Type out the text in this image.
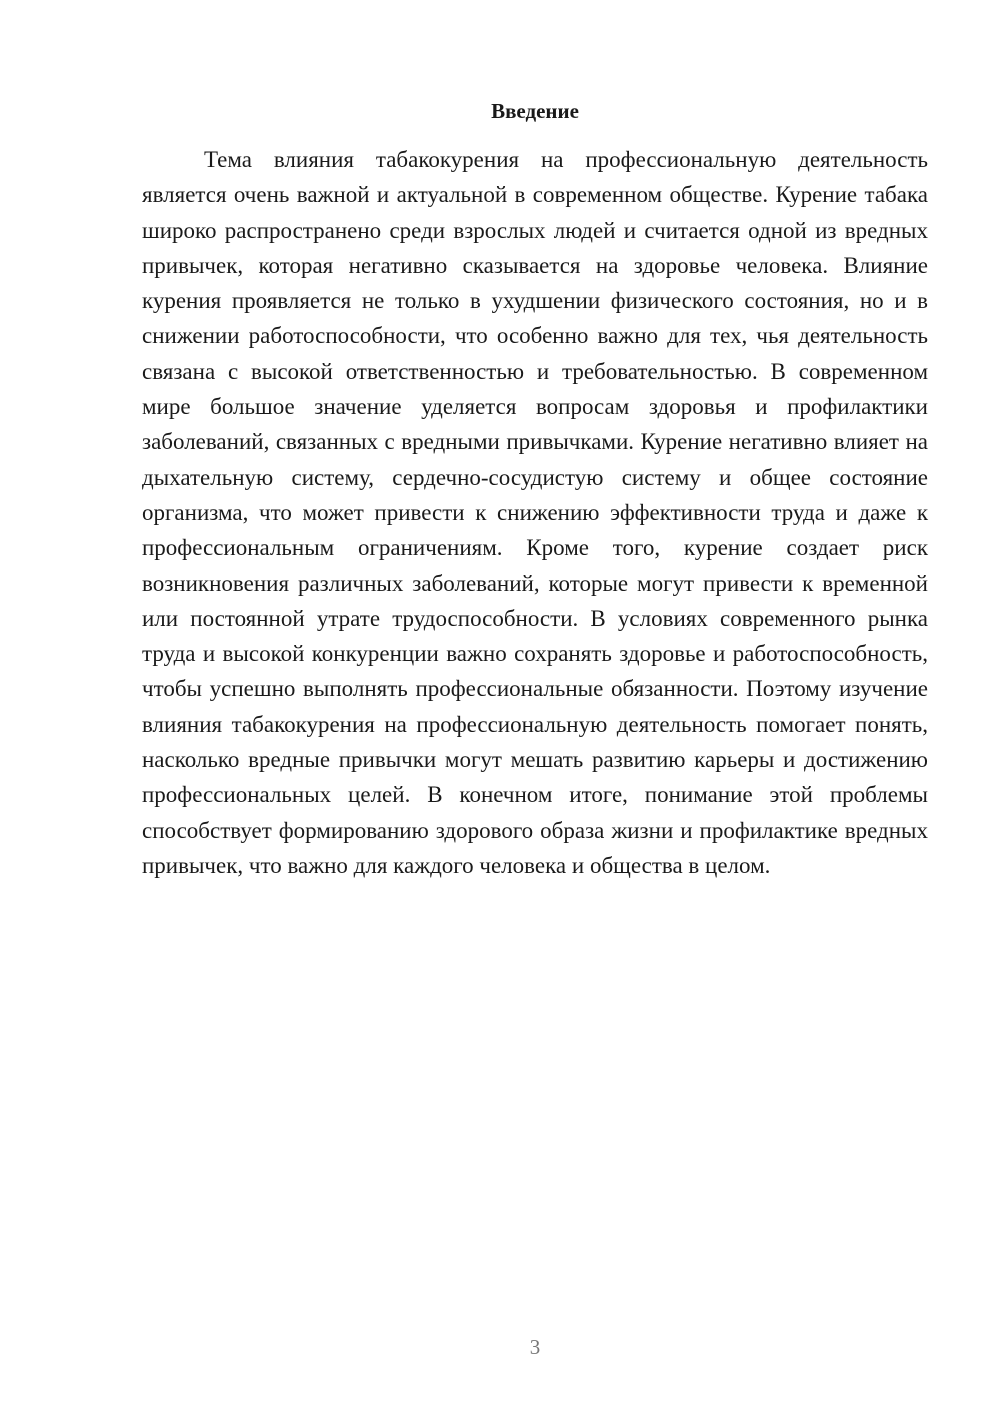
Введение

Тема влияния табакокурения на профессиональную деятельность является очень важной и актуальной в современном обществе. Курение табака широко распространено среди взрослых людей и считается одной из вредных привычек, которая негативно сказывается на здоровье человека. Влияние курения проявляется не только в ухудшении физического состояния, но и в снижении работоспособности, что особенно важно для тех, чья деятельность связана с высокой ответственностью и требовательностью. В современном мире большое значение уделяется вопросам здоровья и профилактики заболеваний, связанных с вредными привычками. Курение негативно влияет на дыхательную систему, сердечно-сосудистую систему и общее состояние организма, что может привести к снижению эффективности труда и даже к профессиональным ограничениям. Кроме того, курение создает риск возникновения различных заболеваний, которые могут привести к временной или постоянной утрате трудоспособности. В условиях современного рынка труда и высокой конкуренции важно сохранять здоровье и работоспособность, чтобы успешно выполнять профессиональные обязанности. Поэтому изучение влияния табакокурения на профессиональную деятельность помогает понять, насколько вредные привычки могут мешать развитию карьеры и достижению профессиональных целей. В конечном итоге, понимание этой проблемы способствует формированию здорового образа жизни и профилактике вредных привычек, что важно для каждого человека и общества в целом.

3
